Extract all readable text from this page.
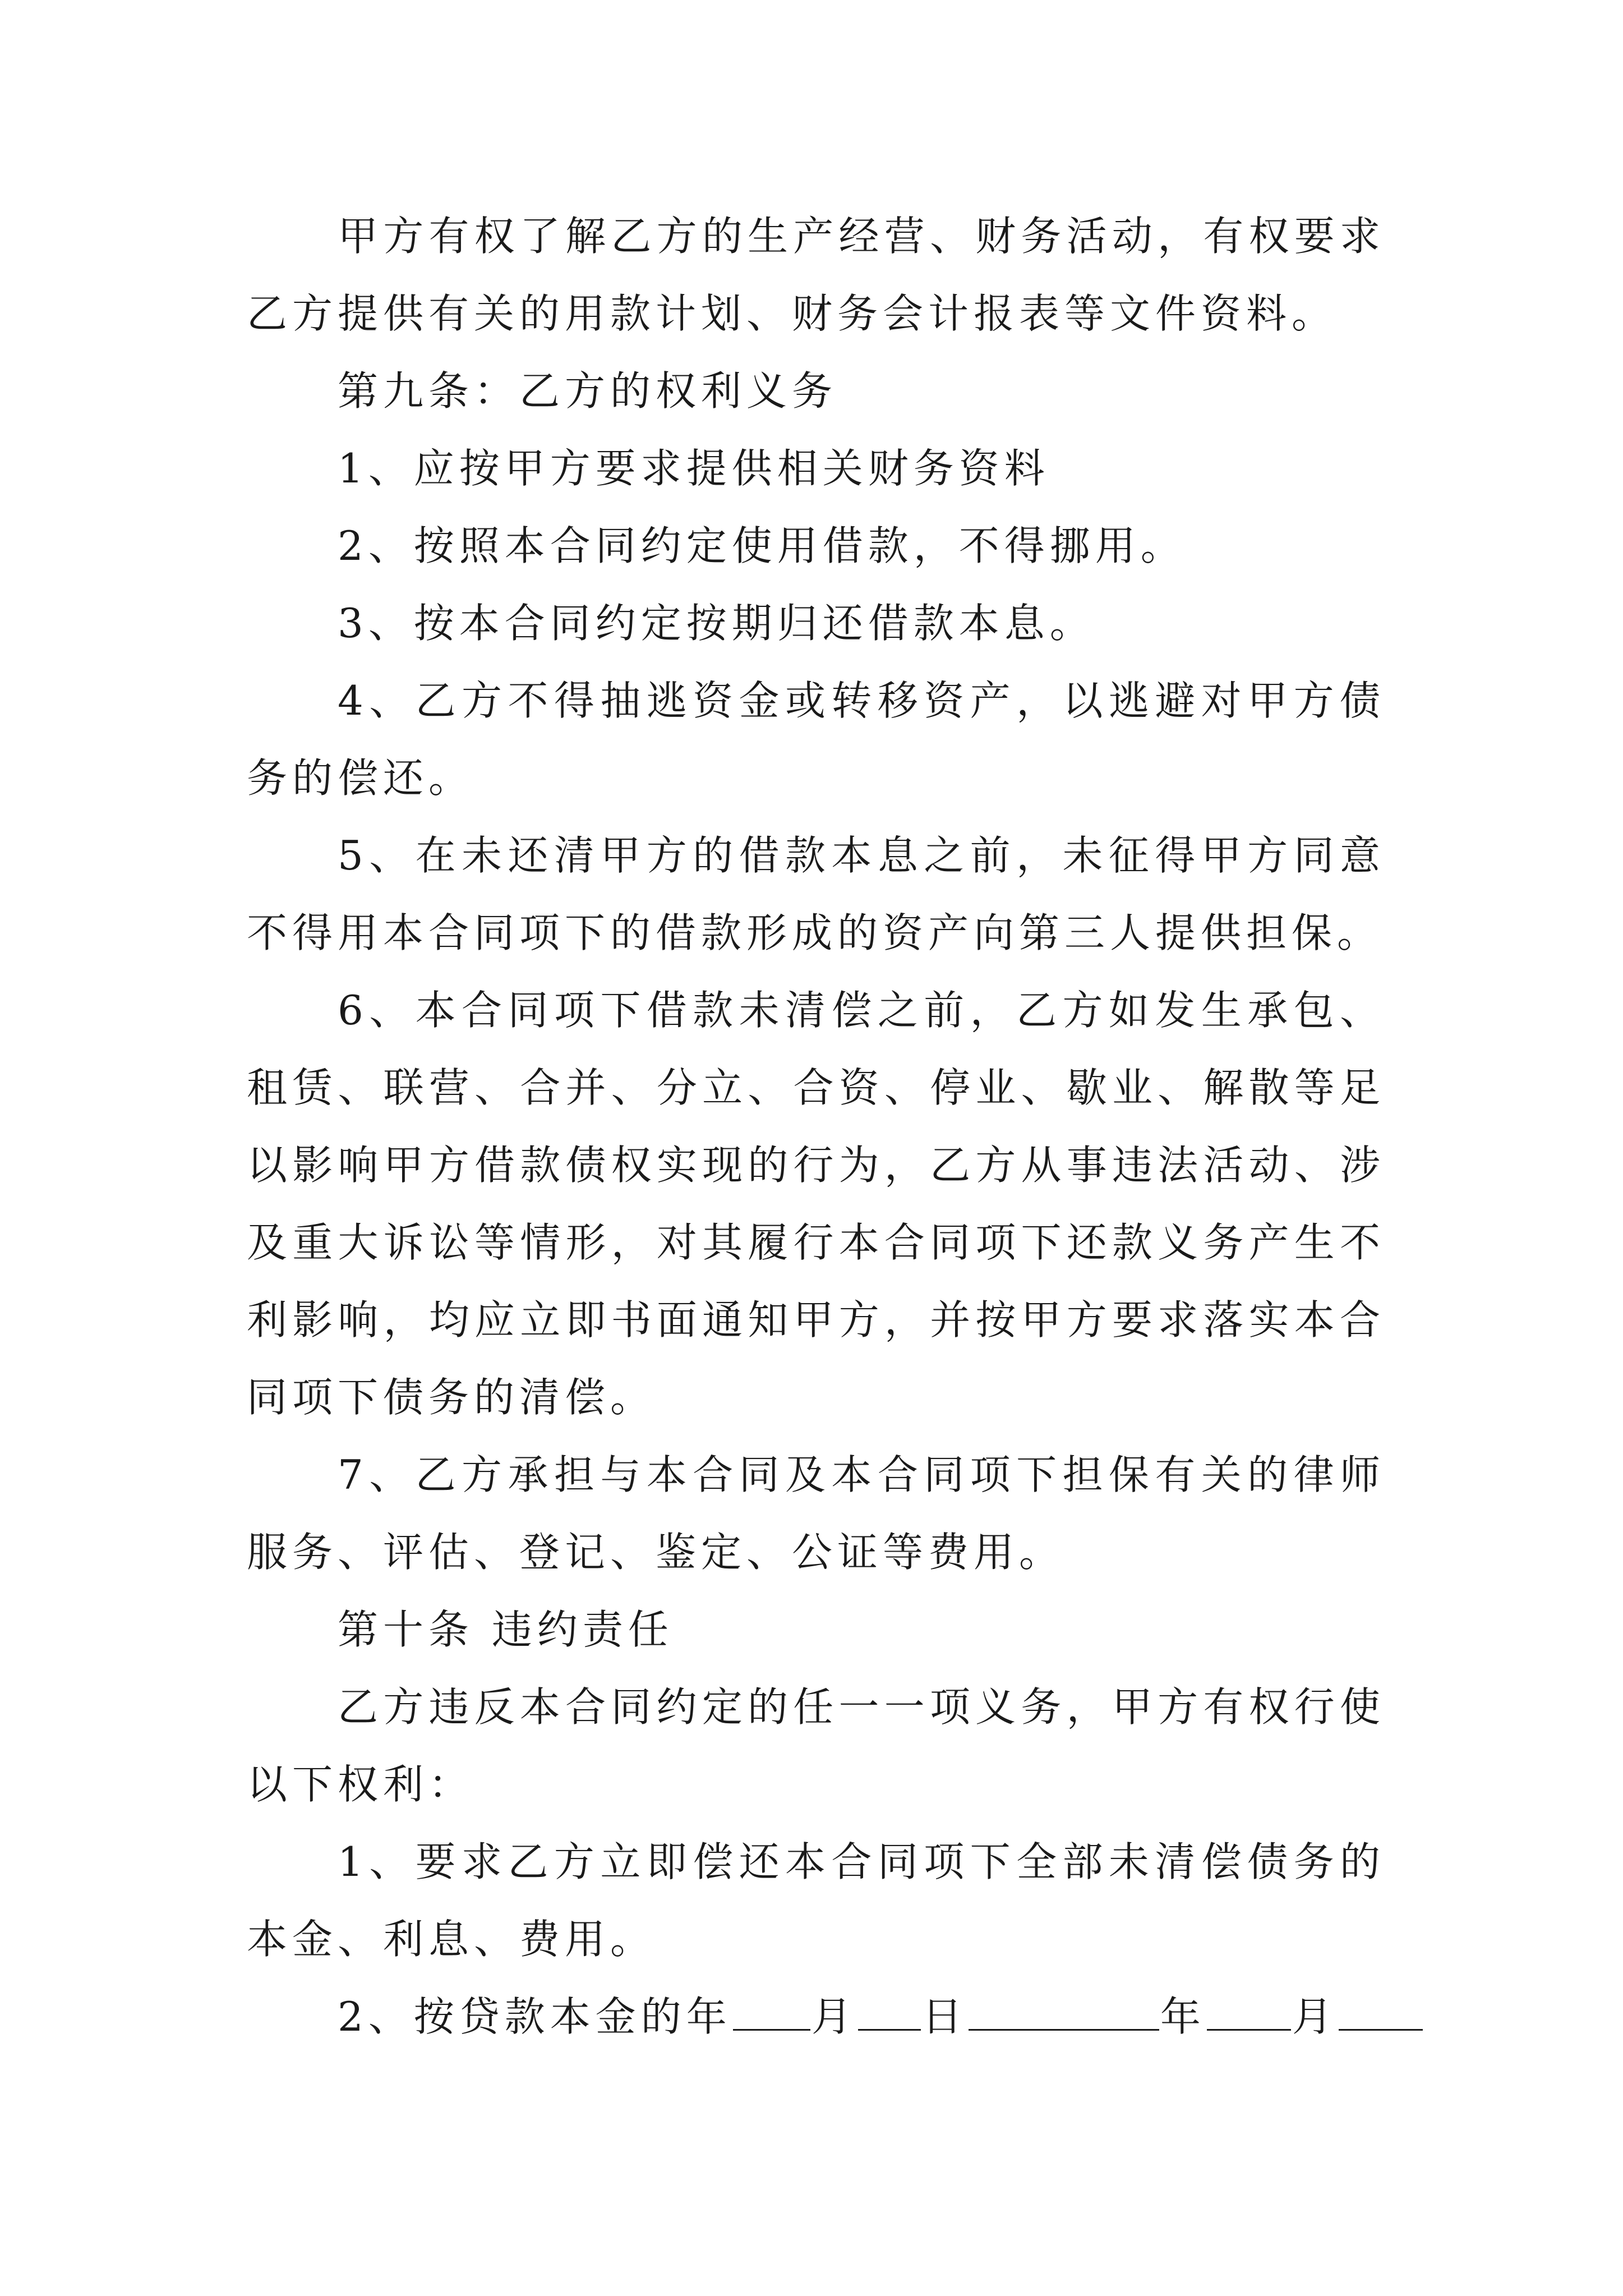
甲方有权了解乙方的生产经营、财务活动，有权要求乙方提供有关的用款计划、财务会计报表等文件资料。

第九条：乙方的权利义务

1、应按甲方要求提供相关财务资料

2、按照本合同约定使用借款，不得挪用。

3、按本合同约定按期归还借款本息。

4、乙方不得抽逃资金或转移资产，以逃避对甲方债务的偿还。

5、在未还清甲方的借款本息之前，未征得甲方同意不得用本合同项下的借款形成的资产向第三人提供担保。

6、本合同项下借款未清偿之前，乙方如发生承包、租赁、联营、合并、分立、合资、停业、歇业、解散等足以影响甲方借款债权实现的行为，乙方从事违法活动、涉及重大诉讼等情形，对其履行本合同项下还款义务产生不利影响，均应立即书面通知甲方，并按甲方要求落实本合同项下债务的清偿。

7、乙方承担与本合同及本合同项下担保有关的律师服务、评估、登记、鉴定、公证等费用。

第十条 违约责任

乙方违反本合同约定的任一一项义务，甲方有权行使以下权利：

1、要求乙方立即偿还本合同项下全部未清偿债务的本金、利息、费用。

2、按贷款本金的年 月 日	年 月
